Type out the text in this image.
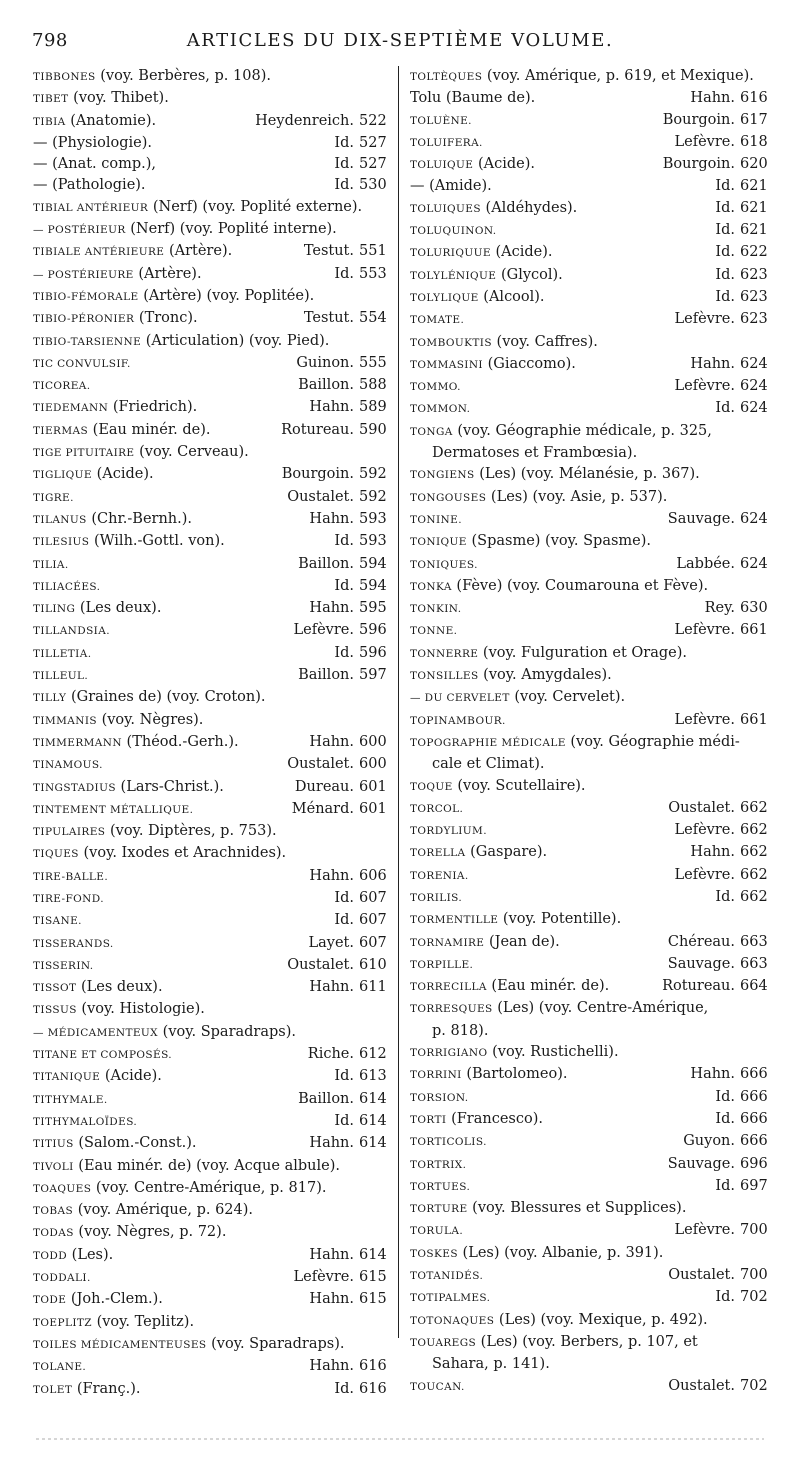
798	ARTICLES DU DIX-SEPTIÈME VOLUME.
TIBBONES (voy. Berbères, p. 108).
TIBET (voy. Thibet).
TIBIA (Anatomie).	Heydenreich. 522
— (Physiologie).	Id. 527
— (Anat. comp.),	Id. 527
— (Pathologie).	Id. 530
TIBIAL ANTÉRIEUR (Nerf) (voy. Poplité externe).
— POSTÉRIEUR (Nerf) (voy. Poplité interne).
TIBIALE ANTÉRIEURE (Artère).	Testut. 551
— POSTÉRIEURE (Artère).	Id. 553
TIBIO-FÉMORALE (Artère) (voy. Poplitée).
TIBIO-PÉRONIER (Tronc).	Testut. 554
TIBIO-TARSIENNE (Articulation) (voy. Pied).
TIC CONVULSIF.	Guinon. 555
TICOREA.	Baillon. 588
TIEDEMANN (Friedrich).	Hahn. 589
TIERMAS (Eau minér. de).	Rotureau. 590
TIGE PITUITAIRE (voy. Cerveau).
TIGLIQUE (Acide).	Bourgoin. 592
TIGRE.	Oustalet. 592
TILANUS (Chr.-Bernh.).	Hahn. 593
TILESIUS (Wilh.-Gottl. von).	Id. 593
TILIA.	Baillon. 594
TILIACÉES.	Id. 594
TILING (Les deux).	Hahn. 595
TILLANDSIA.	Lefèvre. 596
TILLETIA.	Id. 596
TILLEUL.	Baillon. 597
TILLY (Graines de) (voy. Croton).
TIMMANIS (voy. Nègres).
TIMMERMANN (Théod.-Gerh.).	Hahn. 600
TINAMOUS.	Oustalet. 600
TINGSTADIUS (Lars-Christ.).	Dureau. 601
TINTEMENT MÉTALLIQUE.	Ménard. 601
TIPULAIRES (voy. Diptères, p. 753).
TIQUES (voy. Ixodes et Arachnides).
TIRE-BALLE.	Hahn. 606
TIRE-FOND.	Id. 607
TISANE.	Id. 607
TISSERANDS.	Layet. 607
TISSERIN.	Oustalet. 610
TISSOT (Les deux).	Hahn. 611
TISSUS (voy. Histologie).
— MÉDICAMENTEUX (voy. Sparadraps).
TITANE ET COMPOSÉS.	Riche. 612
TITANIQUE (Acide).	Id. 613
TITHYMALE.	Baillon. 614
TITHYMALOÏDES.	Id. 614
TITIUS (Salom.-Const.).	Hahn. 614
TIVOLI (Eau minér. de) (voy. Acque albule).
TOAQUES (voy. Centre-Amérique, p. 817).
TOBAS (voy. Amérique, p. 624).
TODAS (voy. Nègres, p. 72).
TODD (Les).	Hahn. 614
TODDALI.	Lefèvre. 615
TODE (Joh.-Clem.).	Hahn. 615
TOEPLITZ (voy. Teplitz).
TOILES MÉDICAMENTEUSES (voy. Sparadraps).
TOLANE.	Hahn. 616
TOLET (Franç.).	Id. 616
TOLTÈQUES (voy. Amérique, p. 619, et Mexique).
Tolu (Baume de).	Hahn. 616
TOLUÈNE.	Bourgoin. 617
TOLUIFERA.	Lefèvre. 618
TOLUIQUE (Acide).	Bourgoin. 620
— (Amide).	Id. 621
TOLUIQUES (Aldéhydes).	Id. 621
TOLUQUINON.	Id. 621
TOLURIQUUE (Acide).	Id. 622
TOLYLÉNIQUE (Glycol).	Id. 623
TOLYLIQUE (Alcool).	Id. 623
TOMATE.	Lefèvre. 623
TOMBOUKTIS (voy. Caffres).
TOMMASINI (Giaccomo).	Hahn. 624
TOMMO.	Lefèvre. 624
TOMMON.	Id. 624
TONGA (voy. Géographie médicale, p. 325,
Dermatoses et Frambœsia).
TONGIENS (Les) (voy. Mélanésie, p. 367).
TONGOUSES (Les) (voy. Asie, p. 537).
TONINE.	Sauvage. 624
TONIQUE (Spasme) (voy. Spasme).
TONIQUES.	Labbée. 624
TONKA (Fève) (voy. Coumarouna et Fève).
TONKIN.	Rey. 630
TONNE.	Lefèvre. 661
TONNERRE (voy. Fulguration et Orage).
TONSILLES (voy. Amygdales).
— DU CERVELET (voy. Cervelet).
TOPINAMBOUR.	Lefèvre. 661
TOPOGRAPHIE MÉDICALE (voy. Géographie médi-
cale et Climat).
TOQUE (voy. Scutellaire).
TORCOL.	Oustalet. 662
TORDYLIUM.	Lefèvre. 662
TORELLA (Gaspare).	Hahn. 662
TORENIA.	Lefèvre. 662
TORILIS.	Id. 662
TORMENTILLE (voy. Potentille).
TORNAMIRE (Jean de).	Chéreau. 663
TORPILLE.	Sauvage. 663
TORRECILLA (Eau minér. de).	Rotureau. 664
TORRESQUES (Les) (voy. Centre-Amérique,
p. 818).
TORRIGIANO (voy. Rustichelli).
TORRINI (Bartolomeo).	Hahn. 666
TORSION.	Id. 666
TORTI (Francesco).	Id. 666
TORTICOLIS.	Guyon. 666
TORTRIX.	Sauvage. 696
TORTUES.	Id. 697
TORTURE (voy. Blessures et Supplices).
TORULA.	Lefèvre. 700
TOSKES (Les) (voy. Albanie, p. 391).
TOTANIDÉS.	Oustalet. 700
TOTIPALMES.	Id. 702
TOTONAQUES (Les) (voy. Mexique, p. 492).
TOUAREGS (Les) (voy. Berbers, p. 107, et
Sahara, p. 141).
TOUCAN.	Oustalet. 702
